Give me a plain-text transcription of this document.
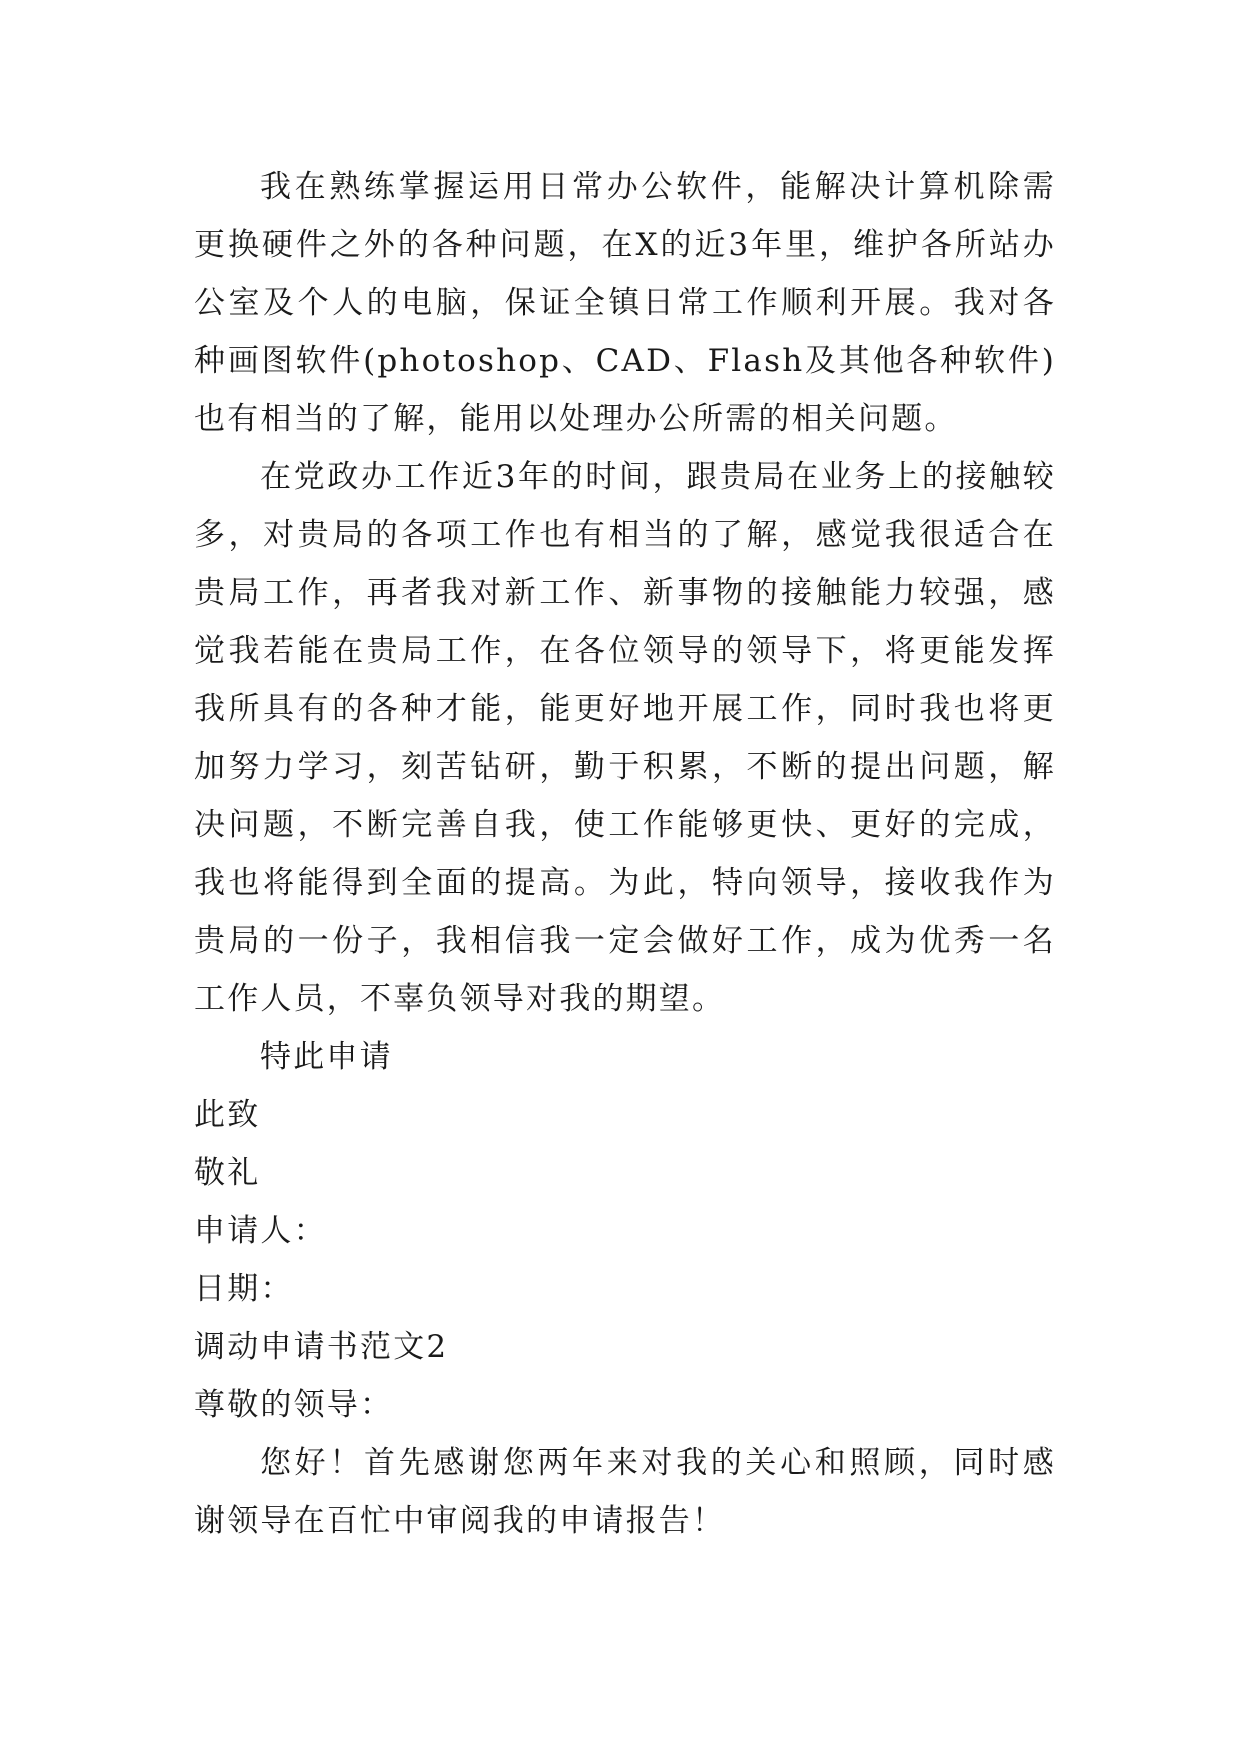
我在熟练掌握运用日常办公软件，能解决计算机除需更换硬件之外的各种问题，在X的近3年里，维护各所站办公室及个人的电脑，保证全镇日常工作顺利开展。我对各种画图软件(photoshop、CAD、Flash及其他各种软件)也有相当的了解，能用以处理办公所需的相关问题。

在党政办工作近3年的时间，跟贵局在业务上的接触较多，对贵局的各项工作也有相当的了解，感觉我很适合在贵局工作，再者我对新工作、新事物的接触能力较强，感觉我若能在贵局工作，在各位领导的领导下，将更能发挥我所具有的各种才能，能更好地开展工作，同时我也将更加努力学习，刻苦钻研，勤于积累，不断的提出问题，解决问题，不断完善自我，使工作能够更快、更好的完成，我也将能得到全面的提高。为此，特向领导，接收我作为贵局的一份子，我相信我一定会做好工作，成为优秀一名工作人员，不辜负领导对我的期望。

特此申请

此致

敬礼

申请人：

日期：

调动申请书范文2

尊敬的领导：

您好！首先感谢您两年来对我的关心和照顾，同时感谢领导在百忙中审阅我的申请报告！
